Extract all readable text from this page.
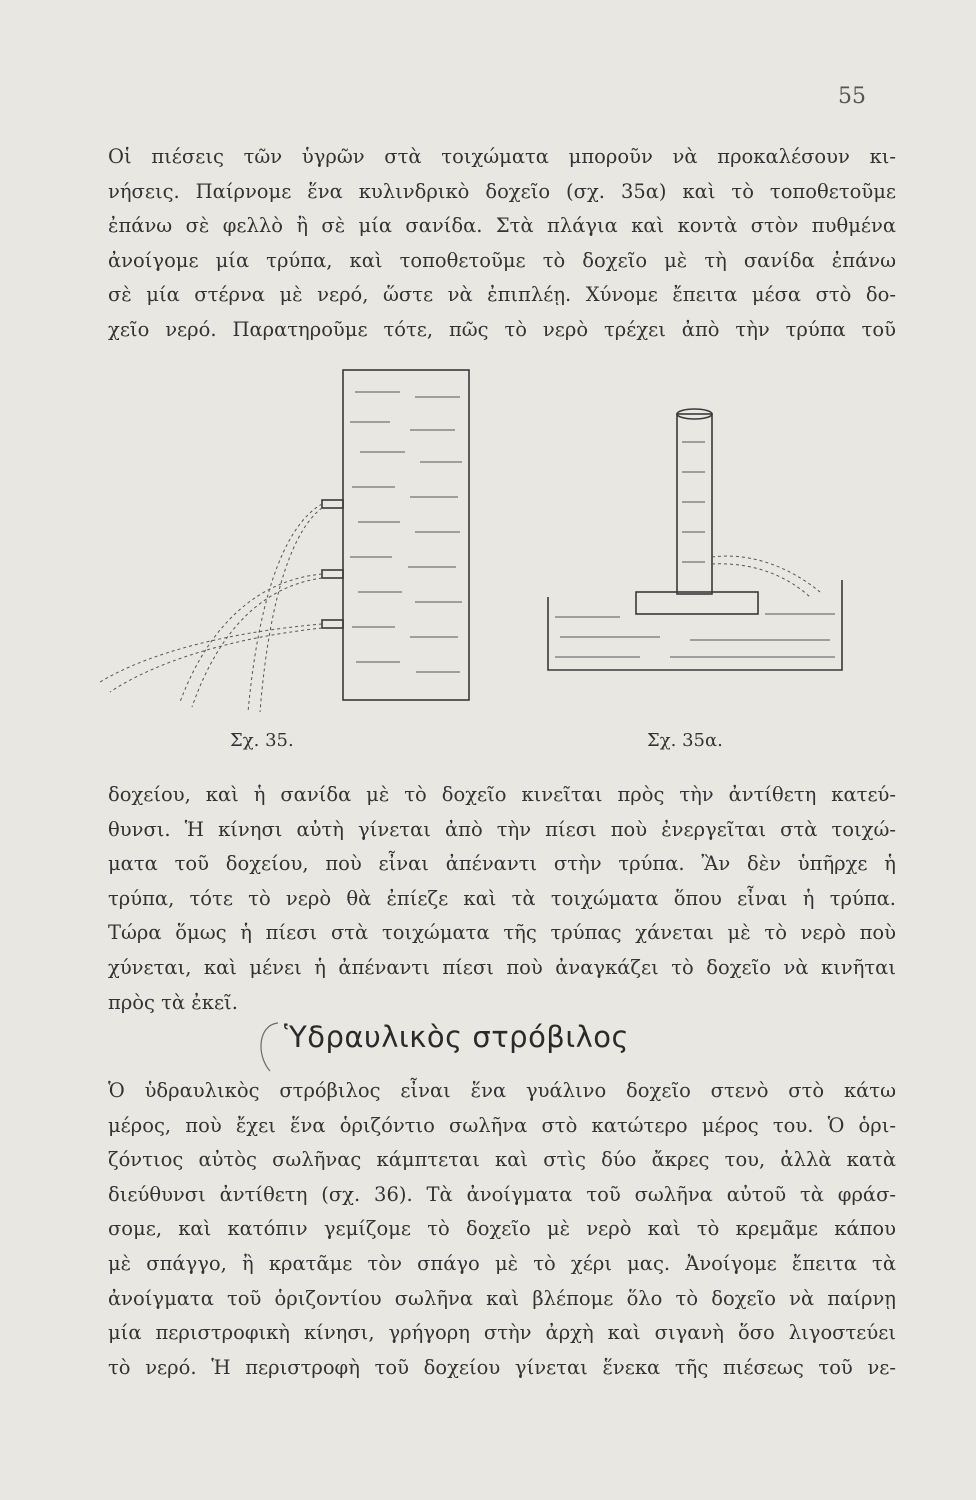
55
Οἱ πιέσεις τῶν ὑγρῶν στὰ τοιχώματα μποροῦν νὰ προκαλέσουν κι-
νήσεις. Παίρνομε ἕνα κυλινδρικὸ δοχεῖο (σχ. 35α) καὶ τὸ τοποθετοῦμε
ἐπάνω σὲ φελλὸ ἢ σὲ μία σανίδα. Στὰ πλάγια καὶ κοντὰ στὸν πυθμένα
ἀνοίγομε μία τρύπα, καὶ τοποθετοῦμε τὸ δοχεῖο μὲ τὴ σανίδα ἐπάνω
σὲ μία στέρνα μὲ νερό, ὥστε νὰ ἐπιπλέῃ. Χύνομε ἔπειτα μέσα στὸ δο-
χεῖο νερό. Παρατηροῦμε τότε, πῶς τὸ νερὸ τρέχει ἀπὸ τὴν τρύπα τοῦ
Σχ. 35.	Σχ. 35α.
δοχείου, καὶ ἡ σανίδα μὲ τὸ δοχεῖο κινεῖται πρὸς τὴν ἀντίθετη κατεύ-
θυνσι. Ἡ κίνησι αὐτὴ γίνεται ἀπὸ τὴν πίεσι ποὺ ἐνεργεῖται στὰ τοιχώ-
ματα τοῦ δοχείου, ποὺ εἶναι ἀπέναντι στὴν τρύπα. Ἂν δὲν ὑπῆρχε ἡ
τρύπα, τότε τὸ νερὸ θὰ ἐπίεζε καὶ τὰ τοιχώματα ὅπου εἶναι ἡ τρύπα.
Τώρα ὅμως ἡ πίεσι στὰ τοιχώματα τῆς τρύπας χάνεται μὲ τὸ νερὸ ποὺ
χύνεται, καὶ μένει ἡ ἀπέναντι πίεσι ποὺ ἀναγκάζει τὸ δοχεῖο νὰ κινῆται
πρὸς τὰ ἐκεῖ.
Ὑδραυλικὸς στρόβιλος
Ὁ ὑδραυλικὸς στρόβιλος εἶναι ἕνα γυάλινο δοχεῖο στενὸ στὸ κάτω
μέρος, ποὺ ἔχει ἕνα ὁριζόντιο σωλῆνα στὸ κατώτερο μέρος του. Ὁ ὁρι-
ζόντιος αὐτὸς σωλῆνας κάμπτεται καὶ στὶς δύο ἄκρες του, ἀλλὰ κατὰ
διεύθυνσι ἀντίθετη (σχ. 36). Τὰ ἀνοίγματα τοῦ σωλῆνα αὐτοῦ τὰ φράσ-
σομε, καὶ κατόπιν γεμίζομε τὸ δοχεῖο μὲ νερὸ καὶ τὸ κρεμᾶμε κάπου
μὲ σπάγγο, ἢ κρατᾶμε τὸν σπάγο μὲ τὸ χέρι μας. Ἀνοίγομε ἔπειτα τὰ
ἀνοίγματα τοῦ ὁριζοντίου σωλῆνα καὶ βλέπομε ὅλο τὸ δοχεῖο νὰ παίρνῃ
μία περιστροφικὴ κίνησι, γρήγορη στὴν ἀρχὴ καὶ σιγανὴ ὅσο λιγοστεύει
τὸ νερό. Ἡ περιστροφὴ τοῦ δοχείου γίνεται ἕνεκα τῆς πιέσεως τοῦ νε-
